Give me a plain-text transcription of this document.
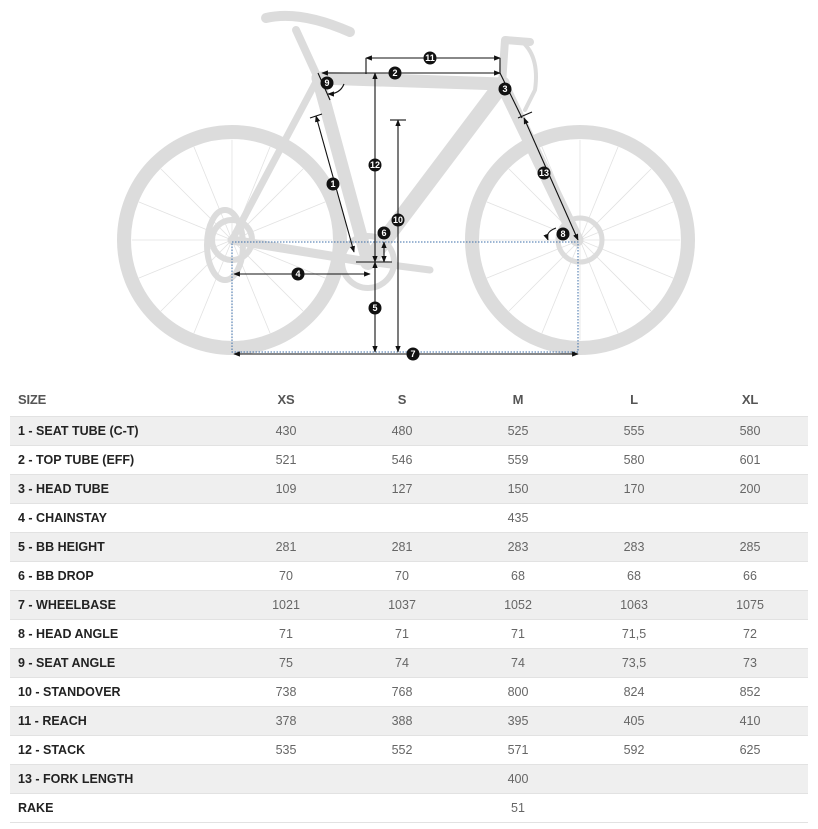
1
2
3
4
5
6
7
8
9
10
11
12
13
SIZE	XS	S	M	L	XL
1 - SEAT TUBE (C-T)	430	480	525	555	580
2 - TOP TUBE (EFF)	521	546	559	580	601
3 - HEAD TUBE	109	127	150	170	200
4 - CHAINSTAY			435		
5 - BB HEIGHT	281	281	283	283	285
6 - BB DROP	70	70	68	68	66
7 - WHEELBASE	1021	1037	1052	1063	1075
8 - HEAD ANGLE	71	71	71	71,5	72
9 - SEAT ANGLE	75	74	74	73,5	73
10 - STANDOVER	738	768	800	824	852
11 - REACH	378	388	395	405	410
12 - STACK	535	552	571	592	625
13 - FORK LENGTH			400		
RAKE			51		
